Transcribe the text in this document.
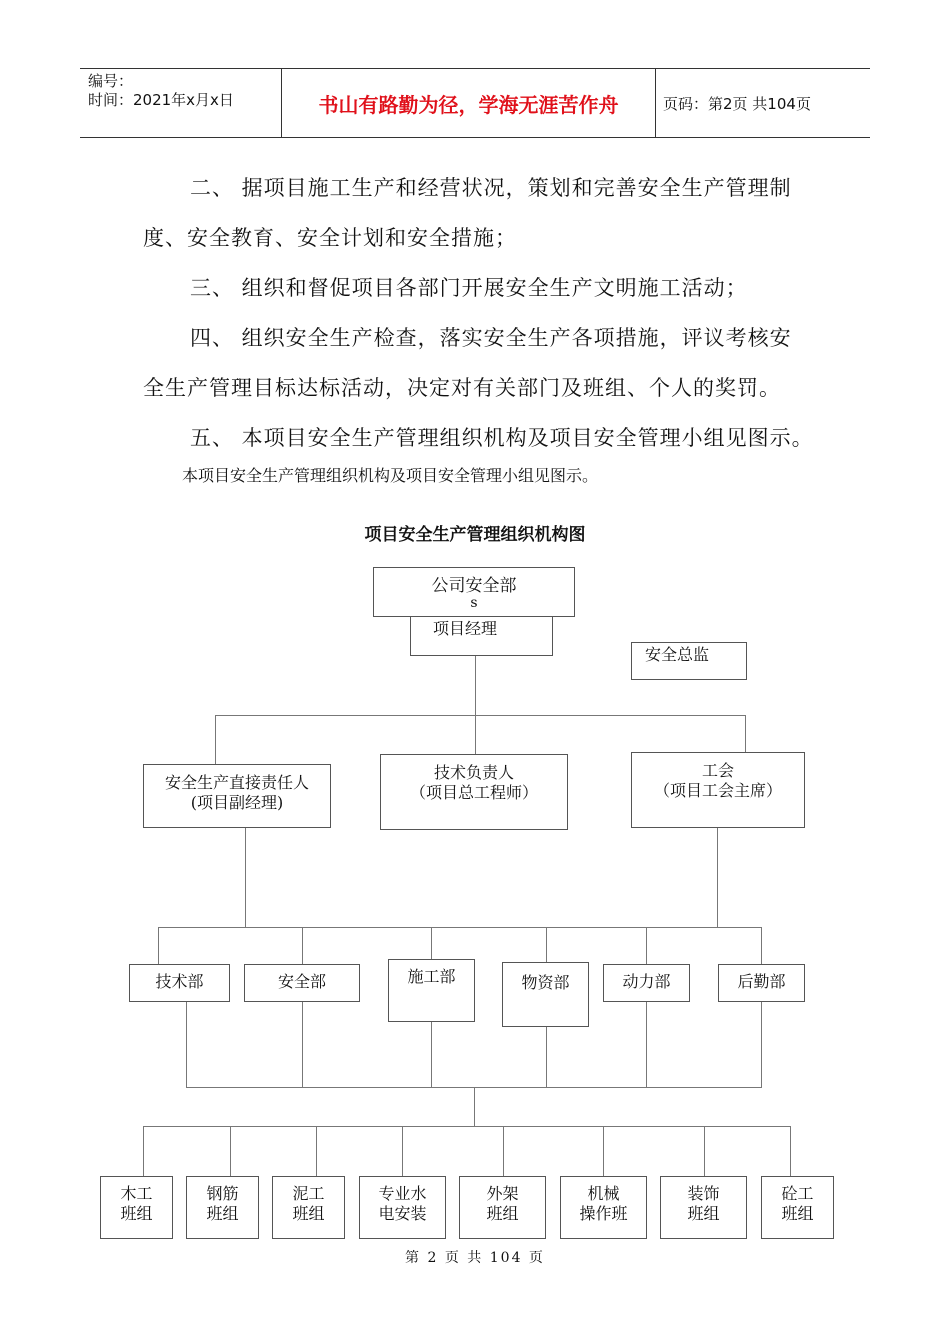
编号：
时间：2021年x月x日	书山有路勤为径，学海无涯苦作舟	页码：第2页 共104页
二、 据项目施工生产和经营状况，策划和完善安全生产管理制
度、安全教育、安全计划和安全措施；
三、 组织和督促项目各部门开展安全生产文明施工活动；
四、 组织安全生产检查，落实安全生产各项措施，评议考核安
全生产管理目标达标活动，决定对有关部门及班组、个人的奖罚。
五、 本项目安全生产管理组织机构及项目安全管理小组见图示。
本项目安全生产管理组织机构及项目安全管理小组见图示。
项目安全生产管理组织机构图
公司安全部
s
项目经理
安全总监
安全生产直接责任人
(项目副经理)
技术负责人
（项目总工程师）
工会
（项目工会主席）
技术部	安全部	施工部	物资部	动力部	后勤部
木工
班组
钢筋
班组
泥工
班组
专业水
电安装
外架
班组
机械
操作班
装饰
班组
砼工
班组
第 2 页 共 104 页
